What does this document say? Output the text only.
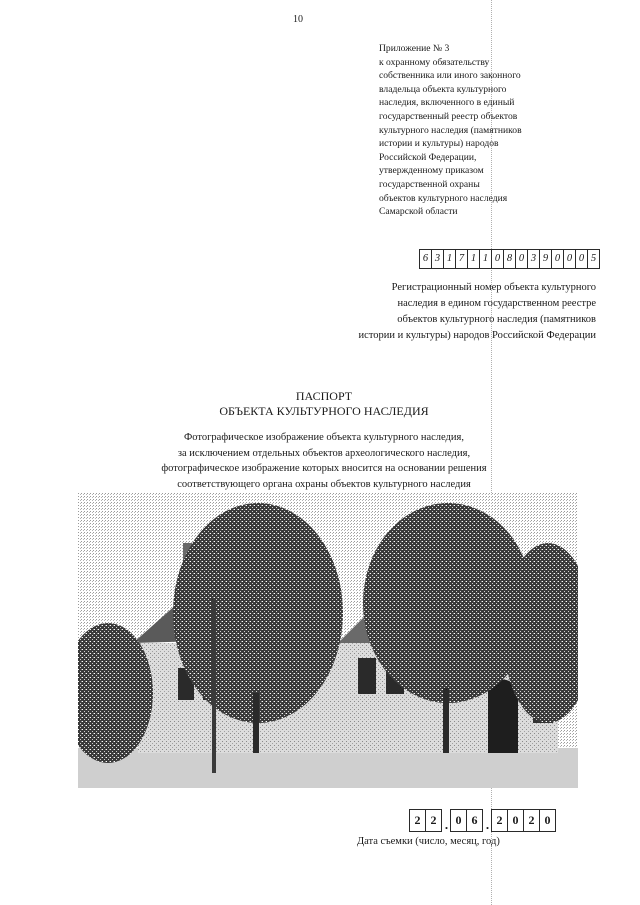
10
Приложение № 3
к охранному обязательству
собственника или иного законного
владельца объекта культурного
наследия, включенного в единый
государственный реестр объектов
культурного наследия (памятников
истории и культуры) народов
Российской Федерации,
утвержденному приказом
государственной охраны
объектов культурного наследия
Самарской области
6 3 1 7 1 1 0 8 0 3 9 0 0 0 5
Регистрационный номер объекта культурного
наследия в едином государственном реестре
объектов культурного наследия (памятников
истории и культуры) народов Российской Федерации
ПАСПОРТ
ОБЪЕКТА КУЛЬТУРНОГО НАСЛЕДИЯ
Фотографическое изображение объекта культурного наследия,
за исключением отдельных объектов археологического наследия,
фотографическое изображение которых вносится на основании решения
соответствующего органа охраны объектов культурного наследия
2 2 . 0 6 . 2 0 2 0
Дата съемки (число, месяц, год)
